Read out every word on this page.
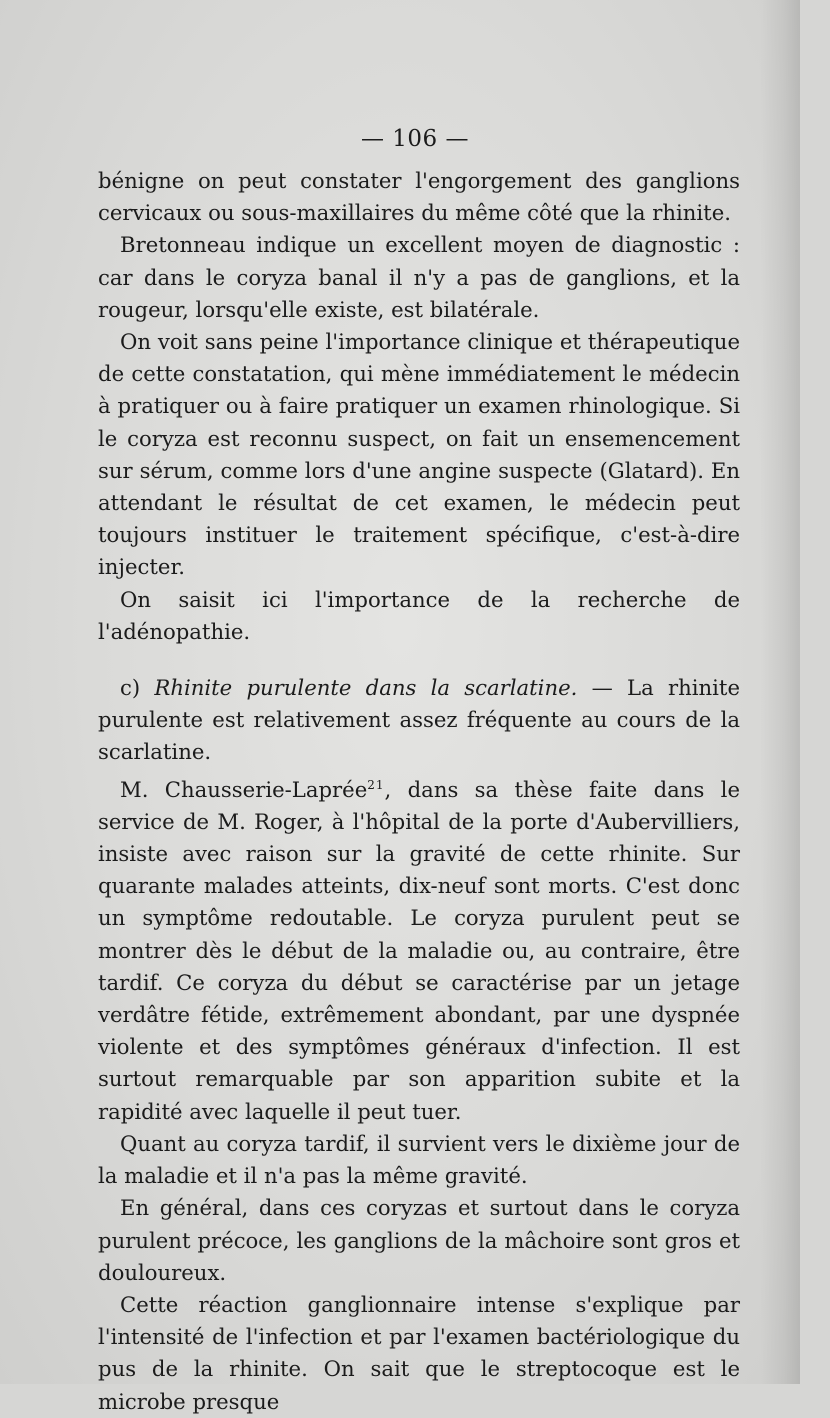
— 106 —

bénigne on peut constater l'engorgement des ganglions cervicaux ou sous-maxillaires du même côté que la rhinite.

Bretonneau indique un excellent moyen de diagnostic : car dans le coryza banal il n'y a pas de ganglions, et la rougeur, lorsqu'elle existe, est bilatérale.

On voit sans peine l'importance clinique et thérapeutique de cette constatation, qui mène immédiatement le médecin à pratiquer ou à faire pratiquer un examen rhinologique. Si le coryza est reconnu suspect, on fait un ensemencement sur sérum, comme lors d'une angine suspecte (Glatard). En attendant le résultat de cet examen, le médecin peut toujours instituer le traitement spécifique, c'est-à-dire injecter.

On saisit ici l'importance de la recherche de l'adénopathie.

c) Rhinite purulente dans la scarlatine. — La rhinite purulente est relativement assez fréquente au cours de la scarlatine.

M. Chausserie-Laprée$^{21}$, dans sa thèse faite dans le service de M. Roger, à l'hôpital de la porte d'Aubervilliers, insiste avec raison sur la gravité de cette rhinite. Sur quarante malades atteints, dix-neuf sont morts. C'est donc un symptôme redoutable. Le coryza purulent peut se montrer dès le début de la maladie ou, au contraire, être tardif. Ce coryza du début se caractérise par un jetage verdâtre fétide, extrêmement abondant, par une dyspnée violente et des symptômes généraux d'infection. Il est surtout remarquable par son apparition subite et la rapidité avec laquelle il peut tuer.

Quant au coryza tardif, il survient vers le dixième jour de la maladie et il n'a pas la même gravité.

En général, dans ces coryzas et surtout dans le coryza purulent précoce, les ganglions de la mâchoire sont gros et douloureux.

Cette réaction ganglionnaire intense s'explique par l'intensité de l'infection et par l'examen bactériologique du pus de la rhinite. On sait que le streptocoque est le microbe presque
